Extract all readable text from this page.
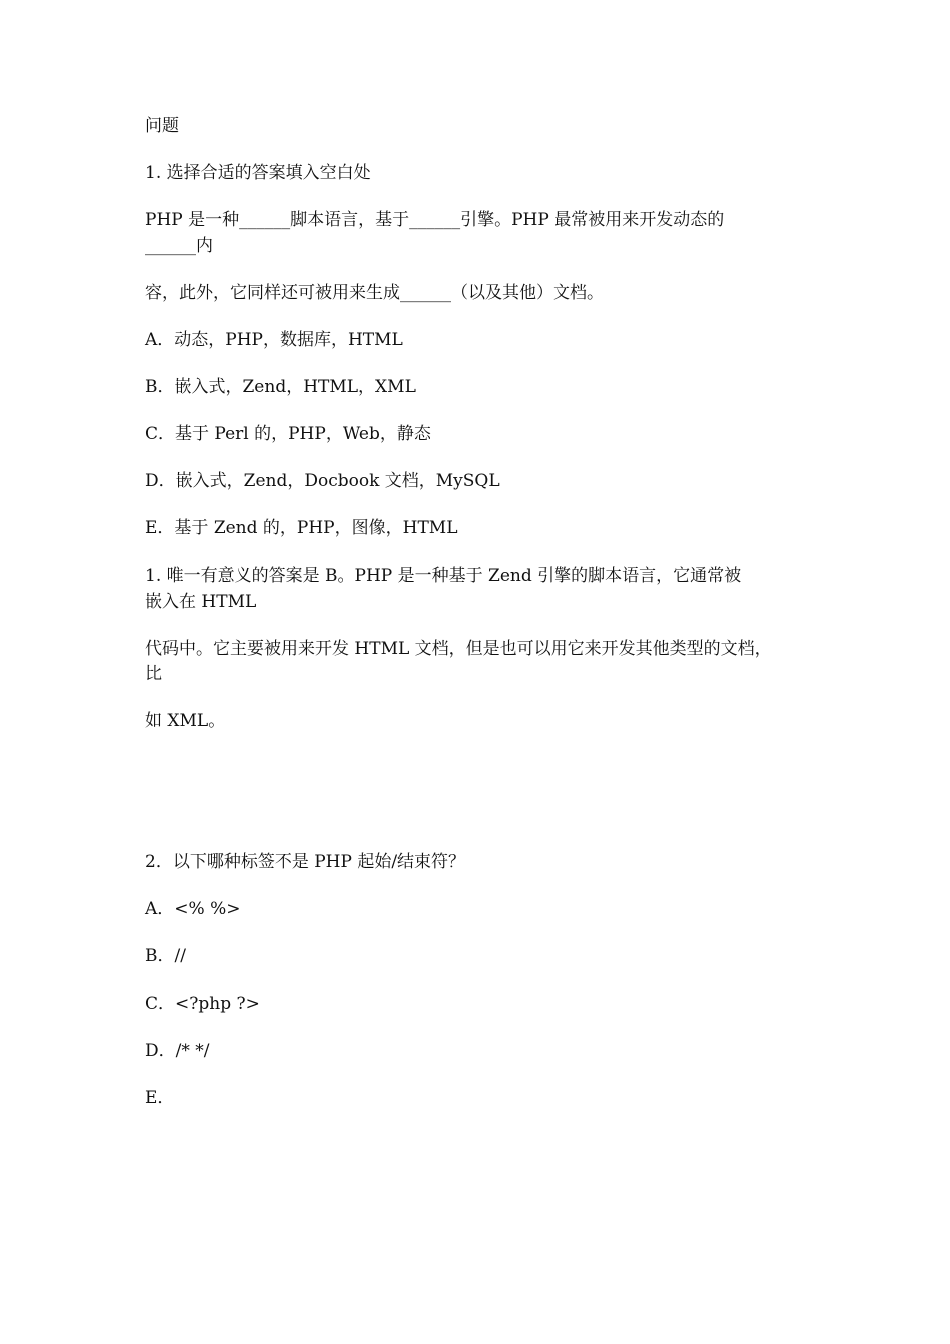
问题
1. 选择合适的答案填入空白处
PHP 是一种______脚本语言，基于______引擎。PHP 最常被用来开发动态的
______内
容，此外，它同样还可被用来生成______（以及其他）文档。
A．动态，PHP，数据库，HTML
B．嵌入式，Zend，HTML，XML
C．基于 Perl 的，PHP，Web，静态
D．嵌入式，Zend，Docbook 文档，MySQL
E．基于 Zend 的，PHP，图像，HTML
1. 唯一有意义的答案是 B。PHP 是一种基于 Zend 引擎的脚本语言，它通常被
嵌入在 HTML
代码中。它主要被用来开发 HTML 文档，但是也可以用它来开发其他类型的文档，
比
如 XML。
2．以下哪种标签不是 PHP 起始/结束符？
A．<% %>
B．//
C．<?php ?>
D．/* */
E．
